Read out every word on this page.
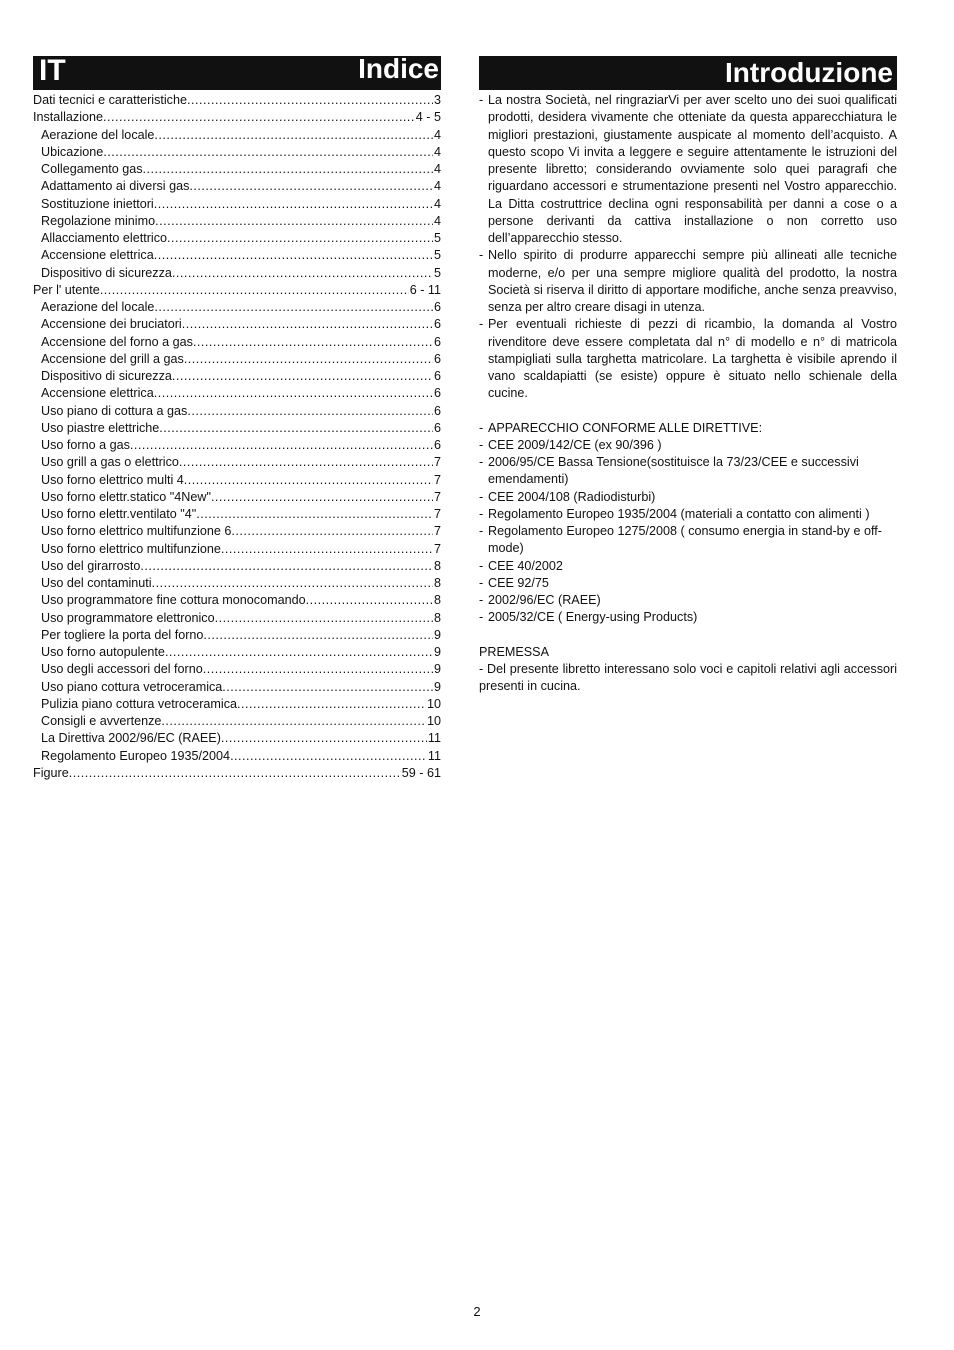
IT	Indice	Introduzione
Dati tecnici e caratteristiche .....	3
Installazione .....	4 - 5
Aerazione del locale .....	4
Ubicazione .....	4
Collegamento gas .....	4
Adattamento ai diversi gas .....	4
Sostituzione iniettori .....	4
Regolazione minimo .....	4
Allacciamento elettrico .....	5
Accensione elettrica .....	5
Dispositivo di sicurezza .....	5
Per l' utente .....	6 - 11
Aerazione del locale .....	6
Accensione dei bruciatori .....	6
Accensione del forno a gas .....	6
Accensione del grill a gas .....	6
Dispositivo di sicurezza .....	6
Accensione elettrica .....	6
Uso piano di cottura a gas .....	6
Uso piastre elettriche .....	6
Uso forno a gas .....	6
Uso grill a gas o elettrico .....	7
Uso forno elettrico multi 4 .....	7
Uso forno elettr.statico "4New" .....	7
Uso forno elettr.ventilato "4" .....	7
Uso forno elettrico multifunzione 6 .....	7
Uso forno elettrico multifunzione .....	7
Uso del girarrosto .....	8
Uso del contaminuti .....	8
Uso programmatore fine cottura monocomando .....	8
Uso programmatore elettronico .....	8
Per togliere la porta del forno .....	9
Uso forno autopulente .....	9
Uso degli accessori del forno .....	9
Uso piano cottura vetroceramica .....	9
Pulizia piano cottura vetroceramica .....	10
Consigli e avvertenze .....	10
La Direttiva 2002/96/EC (RAEE) .....	11
Regolamento Europeo 1935/2004 .....	11
Figure .....	59 - 61
- La nostra Società, nel ringraziarVi per aver scelto uno dei suoi qualificati prodotti, desidera vivamente che otteniate da questa apparecchiatura le migliori prestazioni, giustamente auspicate al momento dell’acquisto. A questo scopo Vi invita a leggere e seguire attentamente le istruzioni del presente libretto; considerando ovviamente solo quei paragrafi che riguardano accessori e strumentazione presenti nel Vostro apparecchio. La Ditta costruttrice declina ogni responsabilità per danni a cose o a persone derivanti da cattiva installazione o non corretto uso dell’apparecchio stesso.
- Nello spirito di produrre apparecchi sempre più allineati alle tecniche moderne, e/o per una sempre migliore qualità del prodotto, la nostra Società si riserva il diritto di apportare modifiche, anche senza preavviso, senza per altro creare disagi in utenza.
- Per eventuali richieste di pezzi di ricambio, la domanda al Vostro rivenditore deve essere completata dal n° di modello e n° di matricola stampigliati sulla targhetta matricolare. La targhetta è visibile aprendo il vano scaldapiatti (se esiste) oppure è situato nello schienale della cucine.
- APPARECCHIO CONFORME ALLE DIRETTIVE:
- CEE 2009/142/CE (ex 90/396 )
- 2006/95/CE Bassa Tensione(sostituisce la 73/23/CEE e successivi emendamenti)
- CEE 2004/108 (Radiodisturbi)
- Regolamento Europeo 1935/2004 (materiali a contatto con alimenti )
- Regolamento Europeo 1275/2008 ( consumo energia in stand-by e off-mode)
- CEE 40/2002
- CEE 92/75
- 2002/96/EC (RAEE)
- 2005/32/CE ( Energy-using Products)
PREMESSA
- Del presente libretto interessano solo voci e capitoli relativi agli accessori presenti in cucina.
2
